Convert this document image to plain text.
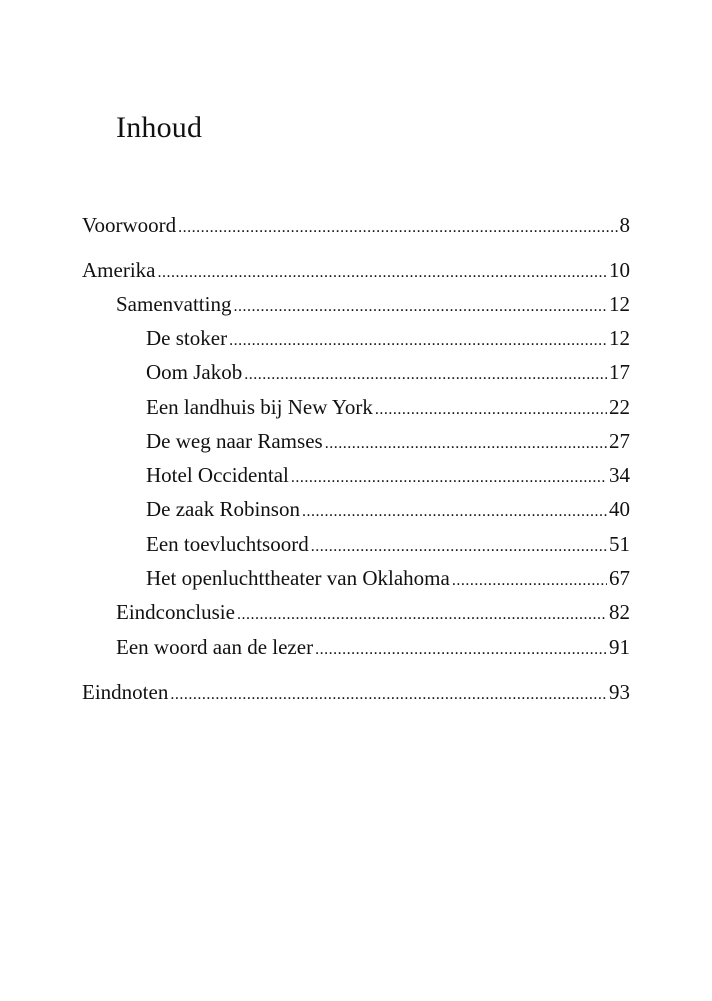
Inhoud
Voorwoord .....	8
Amerika .....	10
Samenvatting .....	12
De stoker .....	12
Oom Jakob .....	17
Een landhuis bij New York .....	22
De weg naar Ramses .....	27
Hotel Occidental .....	34
De zaak Robinson .....	40
Een toevluchtsoord .....	51
Het openluchttheater van Oklahoma .....	67
Eindconclusie .....	82
Een woord aan de lezer .....	91
Eindnoten .....	93
